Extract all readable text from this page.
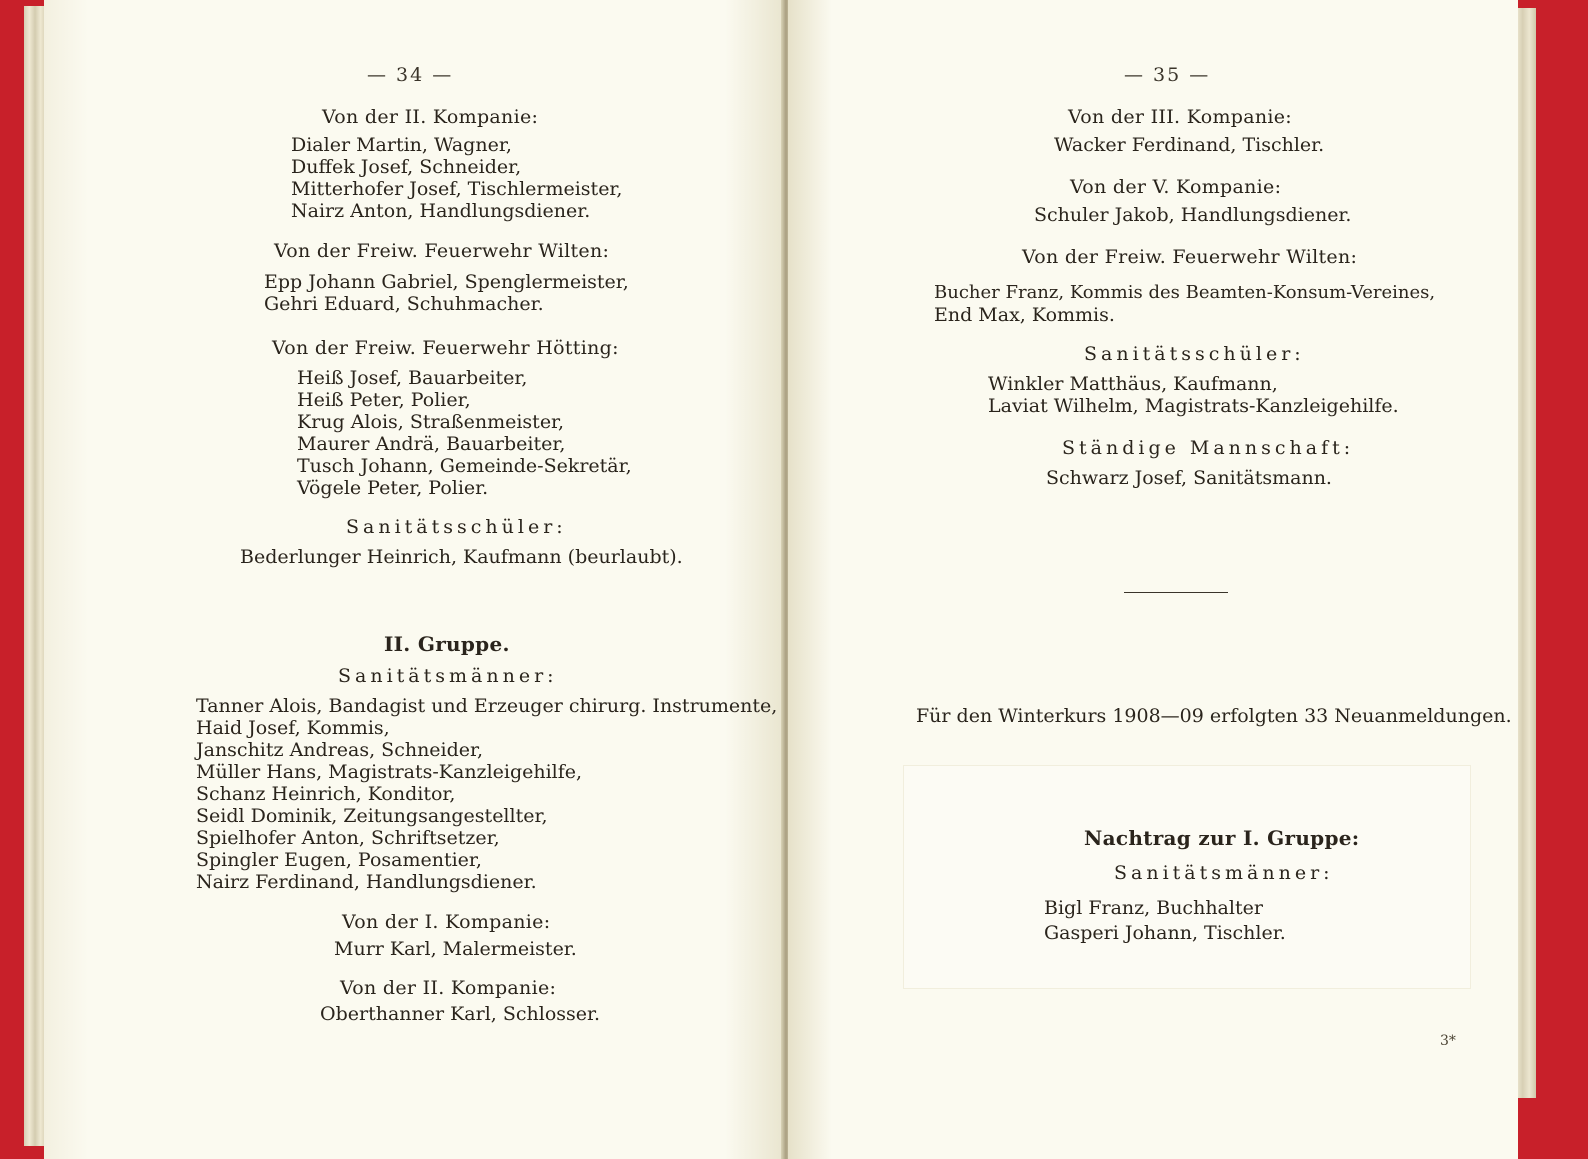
— 34 —
Von der II. Kompanie:
Dialer Martin, Wagner,
Duffek Josef, Schneider,
Mitterhofer Josef, Tischlermeister,
Nairz Anton, Handlungsdiener.
Von der Freiw. Feuerwehr Wilten:
Epp Johann Gabriel, Spenglermeister,
Gehri Eduard, Schuhmacher.
Von der Freiw. Feuerwehr Hötting:
Heiß Josef, Bauarbeiter,
Heiß Peter, Polier,
Krug Alois, Straßenmeister,
Maurer Andrä, Bauarbeiter,
Tusch Johann, Gemeinde-Sekretär,
Vögele Peter, Polier.
Sanitätsschüler:
Bederlunger Heinrich, Kaufmann (beurlaubt).
II. Gruppe.
Sanitätsmänner:
Tanner Alois, Bandagist und Erzeuger chirurg. Instrumente,
Haid Josef, Kommis,
Janschitz Andreas, Schneider,
Müller Hans, Magistrats-Kanzleigehilfe,
Schanz Heinrich, Konditor,
Seidl Dominik, Zeitungsangestellter,
Spielhofer Anton, Schriftsetzer,
Spingler Eugen, Posamentier,
Nairz Ferdinand, Handlungsdiener.
Von der I. Kompanie:
Murr Karl, Malermeister.
Von der II. Kompanie:
Oberthanner Karl, Schlosser.
— 35 —
Von der III. Kompanie:
Wacker Ferdinand, Tischler.
Von der V. Kompanie:
Schuler Jakob, Handlungsdiener.
Von der Freiw. Feuerwehr Wilten:
Bucher Franz, Kommis des Beamten-Konsum-Vereines,
End Max, Kommis.
Sanitätsschüler:
Winkler Matthäus, Kaufmann,
Laviat Wilhelm, Magistrats-Kanzleigehilfe.
Ständige Mannschaft:
Schwarz Josef, Sanitätsmann.
Für den Winterkurs 1908—09 erfolgten 33 Neuanmeldungen.
Nachtrag zur I. Gruppe:
Sanitätsmänner:
Bigl Franz, Buchhalter
Gasperi Johann, Tischler.
3*
